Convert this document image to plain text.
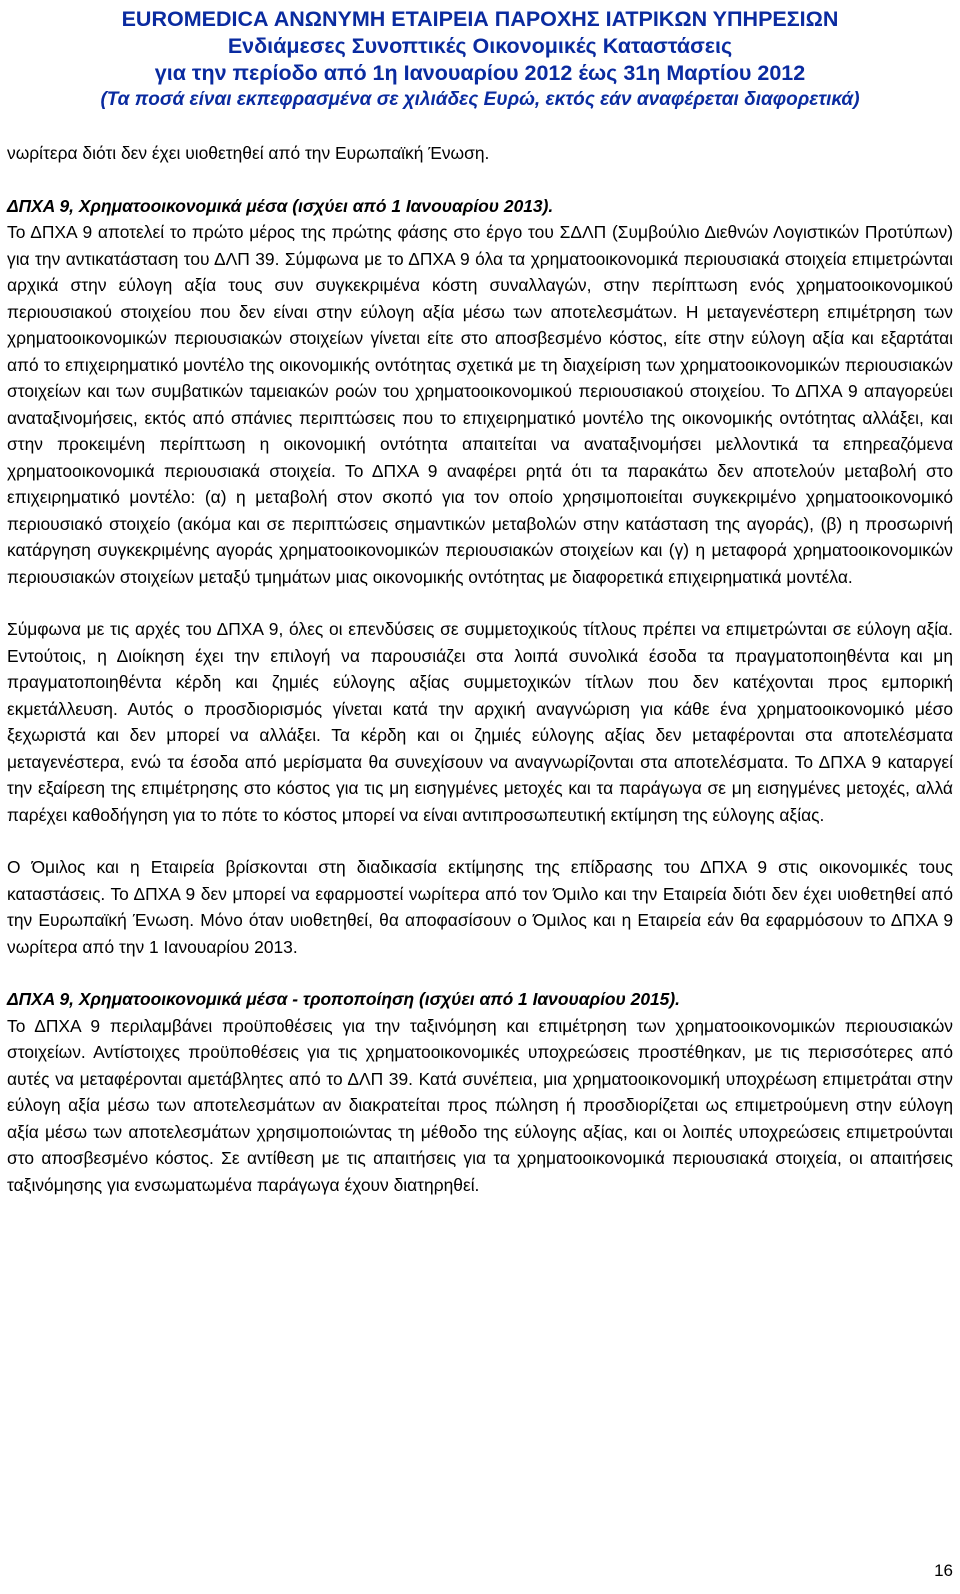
EUROMEDICA ΑΝΩΝΥΜΗ ΕΤΑΙΡΕΙΑ ΠΑΡΟΧΗΣ ΙΑΤΡΙΚΩΝ ΥΠΗΡΕΣΙΩΝ
Ενδιάμεσες Συνοπτικές Οικονομικές Καταστάσεις
για την περίοδο από 1η Ιανουαρίου 2012 έως 31η Μαρτίου 2012
(Τα ποσά είναι εκπεφρασμένα σε χιλιάδες Ευρώ, εκτός εάν αναφέρεται διαφορετικά)

νωρίτερα διότι δεν έχει υιοθετηθεί από την Ευρωπαϊκή Ένωση.

ΔΠΧΑ 9, Χρηματοοικονομικά μέσα (ισχύει από 1 Ιανουαρίου 2013).

Το ΔΠΧΑ 9 αποτελεί το πρώτο μέρος της πρώτης φάσης στο έργο του ΣΔΛΠ (Συμβούλιο Διεθνών Λογιστικών Προτύπων) για την αντικατάσταση του ΔΛΠ 39. Σύμφωνα με το ΔΠΧΑ 9 όλα τα χρηματοοικονομικά περιουσιακά στοιχεία επιμετρώνται αρχικά στην εύλογη αξία τους συν συγκεκριμένα κόστη συναλλαγών, στην περίπτωση ενός χρηματοοικονομικού περιουσιακού στοιχείου που δεν είναι στην εύλογη αξία μέσω των αποτελεσμάτων. Η μεταγενέστερη επιμέτρηση των χρηματοοικονομικών περιουσιακών στοιχείων γίνεται είτε στο αποσβεσμένο κόστος, είτε στην εύλογη αξία και εξαρτάται από το επιχειρηματικό μοντέλο της οικονομικής οντότητας σχετικά με τη διαχείριση των χρηματοοικονομικών περιουσιακών στοιχείων και των συμβατικών ταμειακών ροών του χρηματοοικονομικού περιουσιακού στοιχείου. Το ΔΠΧΑ 9 απαγορεύει αναταξινομήσεις, εκτός από σπάνιες περιπτώσεις που το επιχειρηματικό μοντέλο της οικονομικής οντότητας αλλάξει, και στην προκειμένη περίπτωση η οικονομική οντότητα απαιτείται να αναταξινομήσει μελλοντικά τα επηρεαζόμενα χρηματοοικονομικά περιουσιακά στοιχεία. Το ΔΠΧΑ 9 αναφέρει ρητά ότι τα παρακάτω δεν αποτελούν μεταβολή στο επιχειρηματικό μοντέλο: (α) η μεταβολή στον σκοπό για τον οποίο χρησιμοποιείται συγκεκριμένο χρηματοοικονομικό περιουσιακό στοιχείο (ακόμα και σε περιπτώσεις σημαντικών μεταβολών στην κατάσταση της αγοράς), (β) η προσωρινή κατάργηση συγκεκριμένης αγοράς χρηματοοικονομικών περιουσιακών στοιχείων και (γ) η μεταφορά χρηματοοικονομικών περιουσιακών στοιχείων μεταξύ τμημάτων μιας οικονομικής οντότητας με διαφορετικά επιχειρηματικά μοντέλα.

Σύμφωνα με τις αρχές του ΔΠΧΑ 9, όλες οι επενδύσεις σε συμμετοχικούς τίτλους πρέπει να επιμετρώνται σε εύλογη αξία. Εντούτοις, η Διοίκηση έχει την επιλογή να παρουσιάζει στα λοιπά συνολικά έσοδα τα πραγματοποιηθέντα και μη πραγματοποιηθέντα κέρδη και ζημιές εύλογης αξίας συμμετοχικών τίτλων που δεν κατέχονται προς εμπορική εκμετάλλευση. Αυτός ο προσδιορισμός γίνεται κατά την αρχική αναγνώριση για κάθε ένα χρηματοοικονομικό μέσο ξεχωριστά και δεν μπορεί να αλλάξει. Τα κέρδη και οι ζημιές εύλογης αξίας δεν μεταφέρονται στα αποτελέσματα μεταγενέστερα, ενώ τα έσοδα από μερίσματα θα συνεχίσουν να αναγνωρίζονται στα αποτελέσματα. Το ΔΠΧΑ 9 καταργεί την εξαίρεση της επιμέτρησης στο κόστος για τις μη εισηγμένες μετοχές και τα παράγωγα σε μη εισηγμένες μετοχές, αλλά παρέχει καθοδήγηση για το πότε το κόστος μπορεί να είναι αντιπροσωπευτική εκτίμηση της εύλογης αξίας.

Ο Όμιλος και η Εταιρεία βρίσκονται στη διαδικασία εκτίμησης της επίδρασης του ΔΠΧΑ 9 στις οικονομικές τους καταστάσεις. Το ΔΠΧΑ 9 δεν μπορεί να εφαρμοστεί νωρίτερα από τον Όμιλο και την Εταιρεία διότι δεν έχει υιοθετηθεί από την Ευρωπαϊκή Ένωση. Μόνο όταν υιοθετηθεί, θα αποφασίσουν ο Όμιλος και η Εταιρεία εάν θα εφαρμόσουν το ΔΠΧΑ 9 νωρίτερα από την 1 Ιανουαρίου 2013.

ΔΠΧΑ 9, Χρηματοοικονομικά μέσα - τροποποίηση (ισχύει από 1 Ιανουαρίου 2015).

Το ΔΠΧΑ 9 περιλαμβάνει προϋποθέσεις για την ταξινόμηση και επιμέτρηση των χρηματοοικονομικών περιουσιακών στοιχείων. Αντίστοιχες προϋποθέσεις για τις χρηματοοικονομικές υποχρεώσεις προστέθηκαν, με τις περισσότερες από αυτές να μεταφέρονται αμετάβλητες από το ΔΛΠ 39. Κατά συνέπεια, μια χρηματοοικονομική υποχρέωση επιμετράται στην εύλογη αξία μέσω των αποτελεσμάτων αν διακρατείται προς πώληση ή προσδιορίζεται ως επιμετρούμενη στην εύλογη αξία μέσω των αποτελεσμάτων χρησιμοποιώντας τη μέθοδο της εύλογης αξίας, και οι λοιπές υποχρεώσεις επιμετρούνται στο αποσβεσμένο κόστος. Σε αντίθεση με τις απαιτήσεις για τα χρηματοοικονομικά περιουσιακά στοιχεία, οι απαιτήσεις ταξινόμησης για ενσωματωμένα παράγωγα έχουν διατηρηθεί.

16
